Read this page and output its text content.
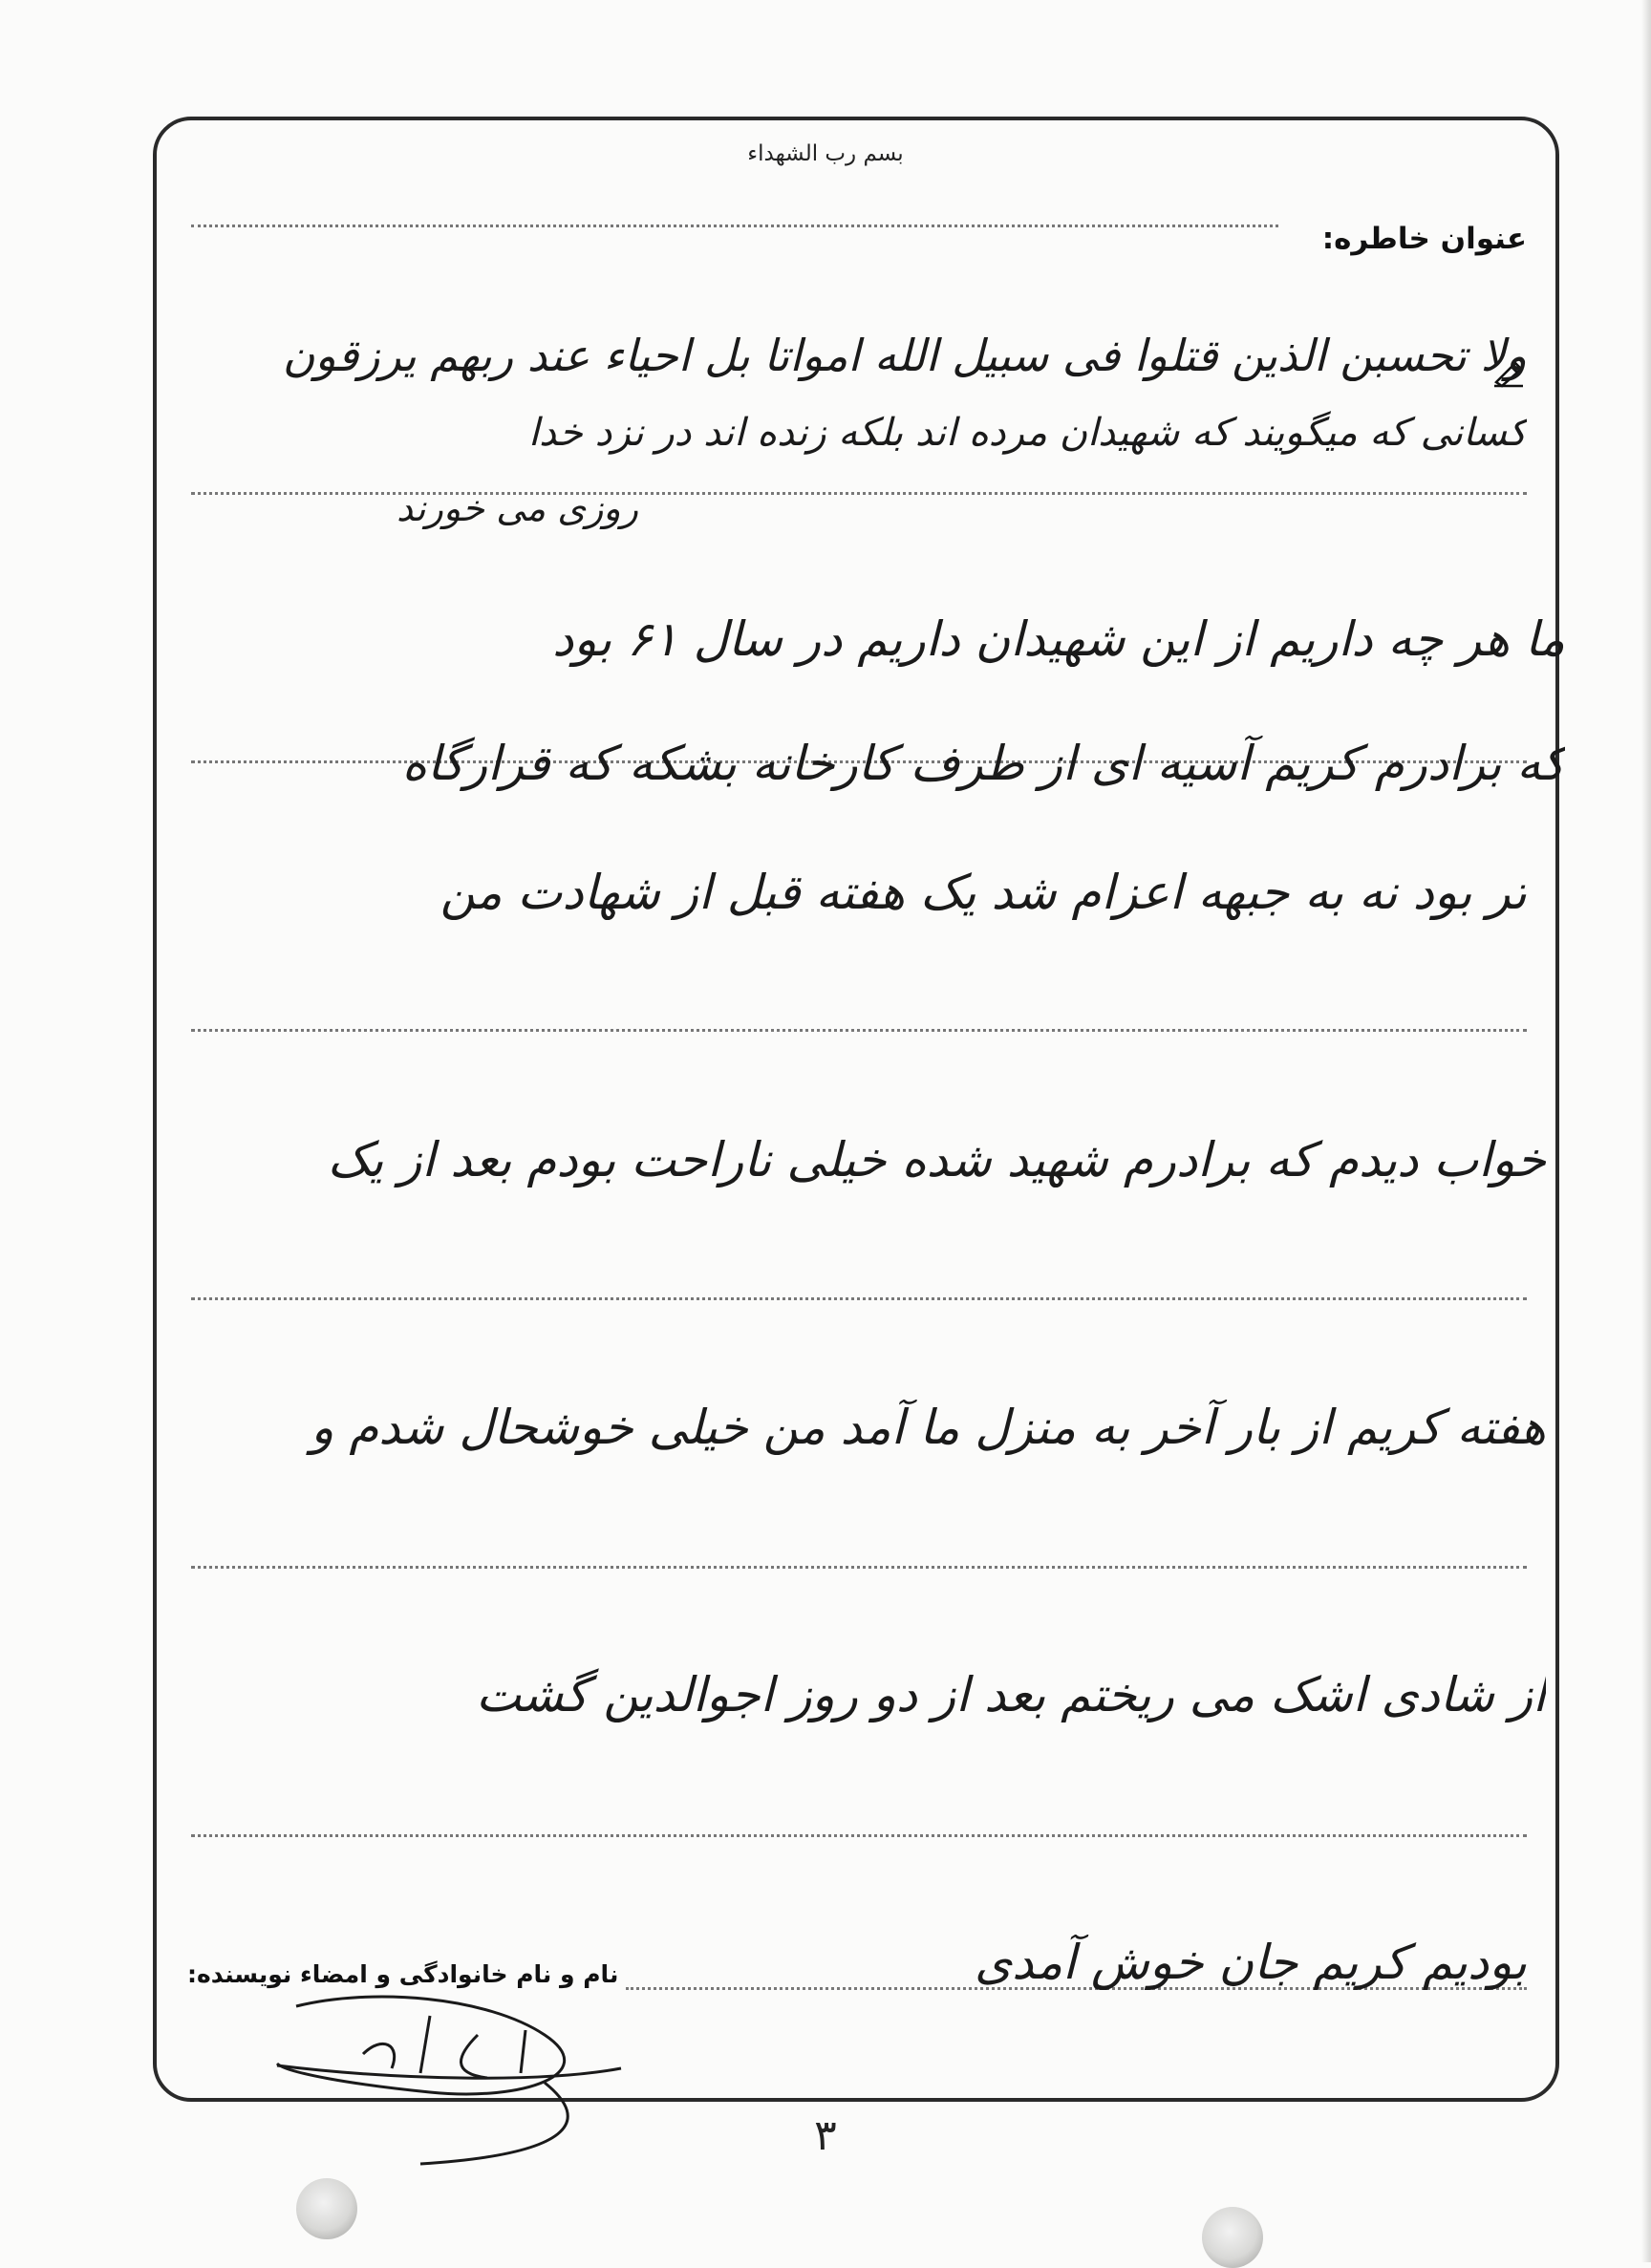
بسم رب الشهداء
عنوان خاطره:
ولا تحسبن الذین قتلوا فی سبیل الله امواتا بل احیاء عند ربهم یرزقون
کسانی که میگویند که شهیدان مرده اند بلکه زنده اند در نزد خدا
روزی می خورند
ما هر چه داریم از این شهیدان داریم در سال ۶۱ بود
که برادرم کریم آسیه ای از طرف کارخانه بشکه که قرارگاه
تر بود نه به جبهه اعزام شد یک هفته قبل از شهادت من
خواب دیدم که برادرم شهید شده خیلی ناراحت بودم بعد از یک
هفته کریم از بار آخر به منزل ما آمد من خیلی خوشحال شدم و
از شادی اشک می ریختم بعد از دو روز اجوالدین گشت
بودیم کریم جان خوش آمدی
نام و نام خانوادگی و امضاء نویسنده:
۳
